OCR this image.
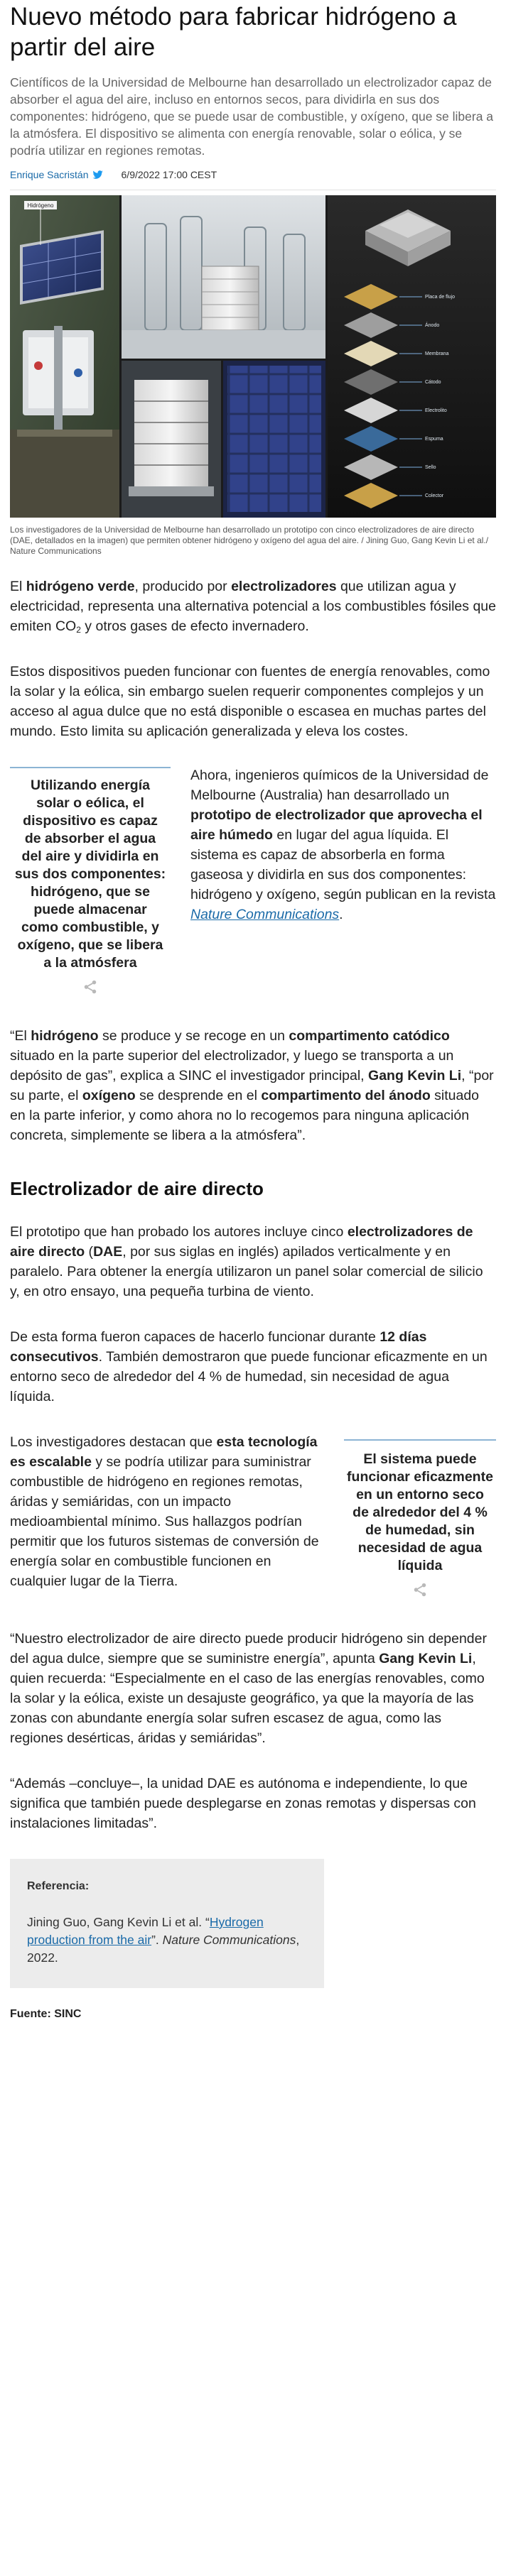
Nuevo método para fabricar hidrógeno a partir del aire

Científicos de la Universidad de Melbourne han desarrollado un electrolizador capaz de absorber el agua del aire, incluso en entornos secos, para dividirla en sus dos componentes: hidrógeno, que se puede usar de combustible, y oxígeno, que se libera a la atmósfera. El dispositivo se alimenta con energía renovable, solar o eólica, y se podría utilizar en regiones remotas.

Enrique Sacristán	6/9/2022 17:00 CEST
Hidrógeno
Placa de flujo
Ánodo
Membrana
Cátodo
Electrolito
Espuma
Sello
Colector

Los investigadores de la Universidad de Melbourne han desarrollado un prototipo con cinco electrolizadores de aire directo (DAE, detallados en la imagen) que permiten obtener hidrógeno y oxígeno del agua del aire. / Jining Guo, Gang Kevin Li et al./ Nature Communications

El hidrógeno verde, producido por electrolizadores que utilizan agua y electricidad, representa una alternativa potencial a los combustibles fósiles que emiten $CO_2$ y otros gases de efecto invernadero.

Estos dispositivos pueden funcionar con fuentes de energía renovables, como la solar y la eólica, sin embargo suelen requerir componentes complejos y un acceso al agua dulce que no está disponible o escasea en muchas partes del mundo. Esto limita su aplicación generalizada y eleva los costes.

Utilizando energía solar o eólica, el dispositivo es capaz de absorber el agua del aire y dividirla en sus dos componentes: hidrógeno, que se puede almacenar como combustible, y oxígeno, que se libera a la atmósfera

Ahora, ingenieros químicos de la Universidad de Melbourne (Australia) han desarrollado un prototipo de electrolizador que aprovecha el aire húmedo en lugar del agua líquida. El sistema es capaz de absorberla en forma gaseosa y dividirla en sus dos componentes: hidrógeno y oxígeno, según publican en la revista Nature Communications.

“El hidrógeno se produce y se recoge en un compartimento catódico situado en la parte superior del electrolizador, y luego se transporta a un depósito de gas”, explica a SINC el investigador principal, Gang Kevin Li, “por su parte, el oxígeno se desprende en el compartimento del ánodo situado en la parte inferior, y como ahora no lo recogemos para ninguna aplicación concreta, simplemente se libera a la atmósfera”.

Electrolizador de aire directo

El prototipo que han probado los autores incluye cinco electrolizadores de aire directo (DAE, por sus siglas en inglés) apilados verticalmente y en paralelo. Para obtener la energía utilizaron un panel solar comercial de silicio y, en otro ensayo, una pequeña turbina de viento.

De esta forma fueron capaces de hacerlo funcionar durante 12 días consecutivos. También demostraron que puede funcionar eficazmente en un entorno seco de alrededor del 4 % de humedad, sin necesidad de agua líquida.

El sistema puede funcionar eficazmente en un entorno seco de alrededor del 4 % de humedad, sin necesidad de agua líquida

Los investigadores destacan que esta tecnología es escalable y se podría utilizar para suministrar combustible de hidrógeno en regiones remotas, áridas y semiáridas, con un impacto medioambiental mínimo. Sus hallazgos podrían permitir que los futuros sistemas de conversión de energía solar en combustible funcionen en cualquier lugar de la Tierra.

“Nuestro electrolizador de aire directo puede producir hidrógeno sin depender del agua dulce, siempre que se suministre energía”, apunta Gang Kevin Li, quien recuerda: “Especialmente en el caso de las energías renovables, como la solar y la eólica, existe un desajuste geográfico, ya que la mayoría de las zonas con abundante energía solar sufren escasez de agua, como las regiones desérticas, áridas y semiáridas”.

“Además –concluye–, la unidad DAE es autónoma e independiente, lo que significa que también puede desplegarse en zonas remotas y dispersas con instalaciones limitadas”.

Referencia:
Jining Guo, Gang Kevin Li et al. “Hydrogen production from the air”. Nature Communications, 2022.
Fuente: SINC
